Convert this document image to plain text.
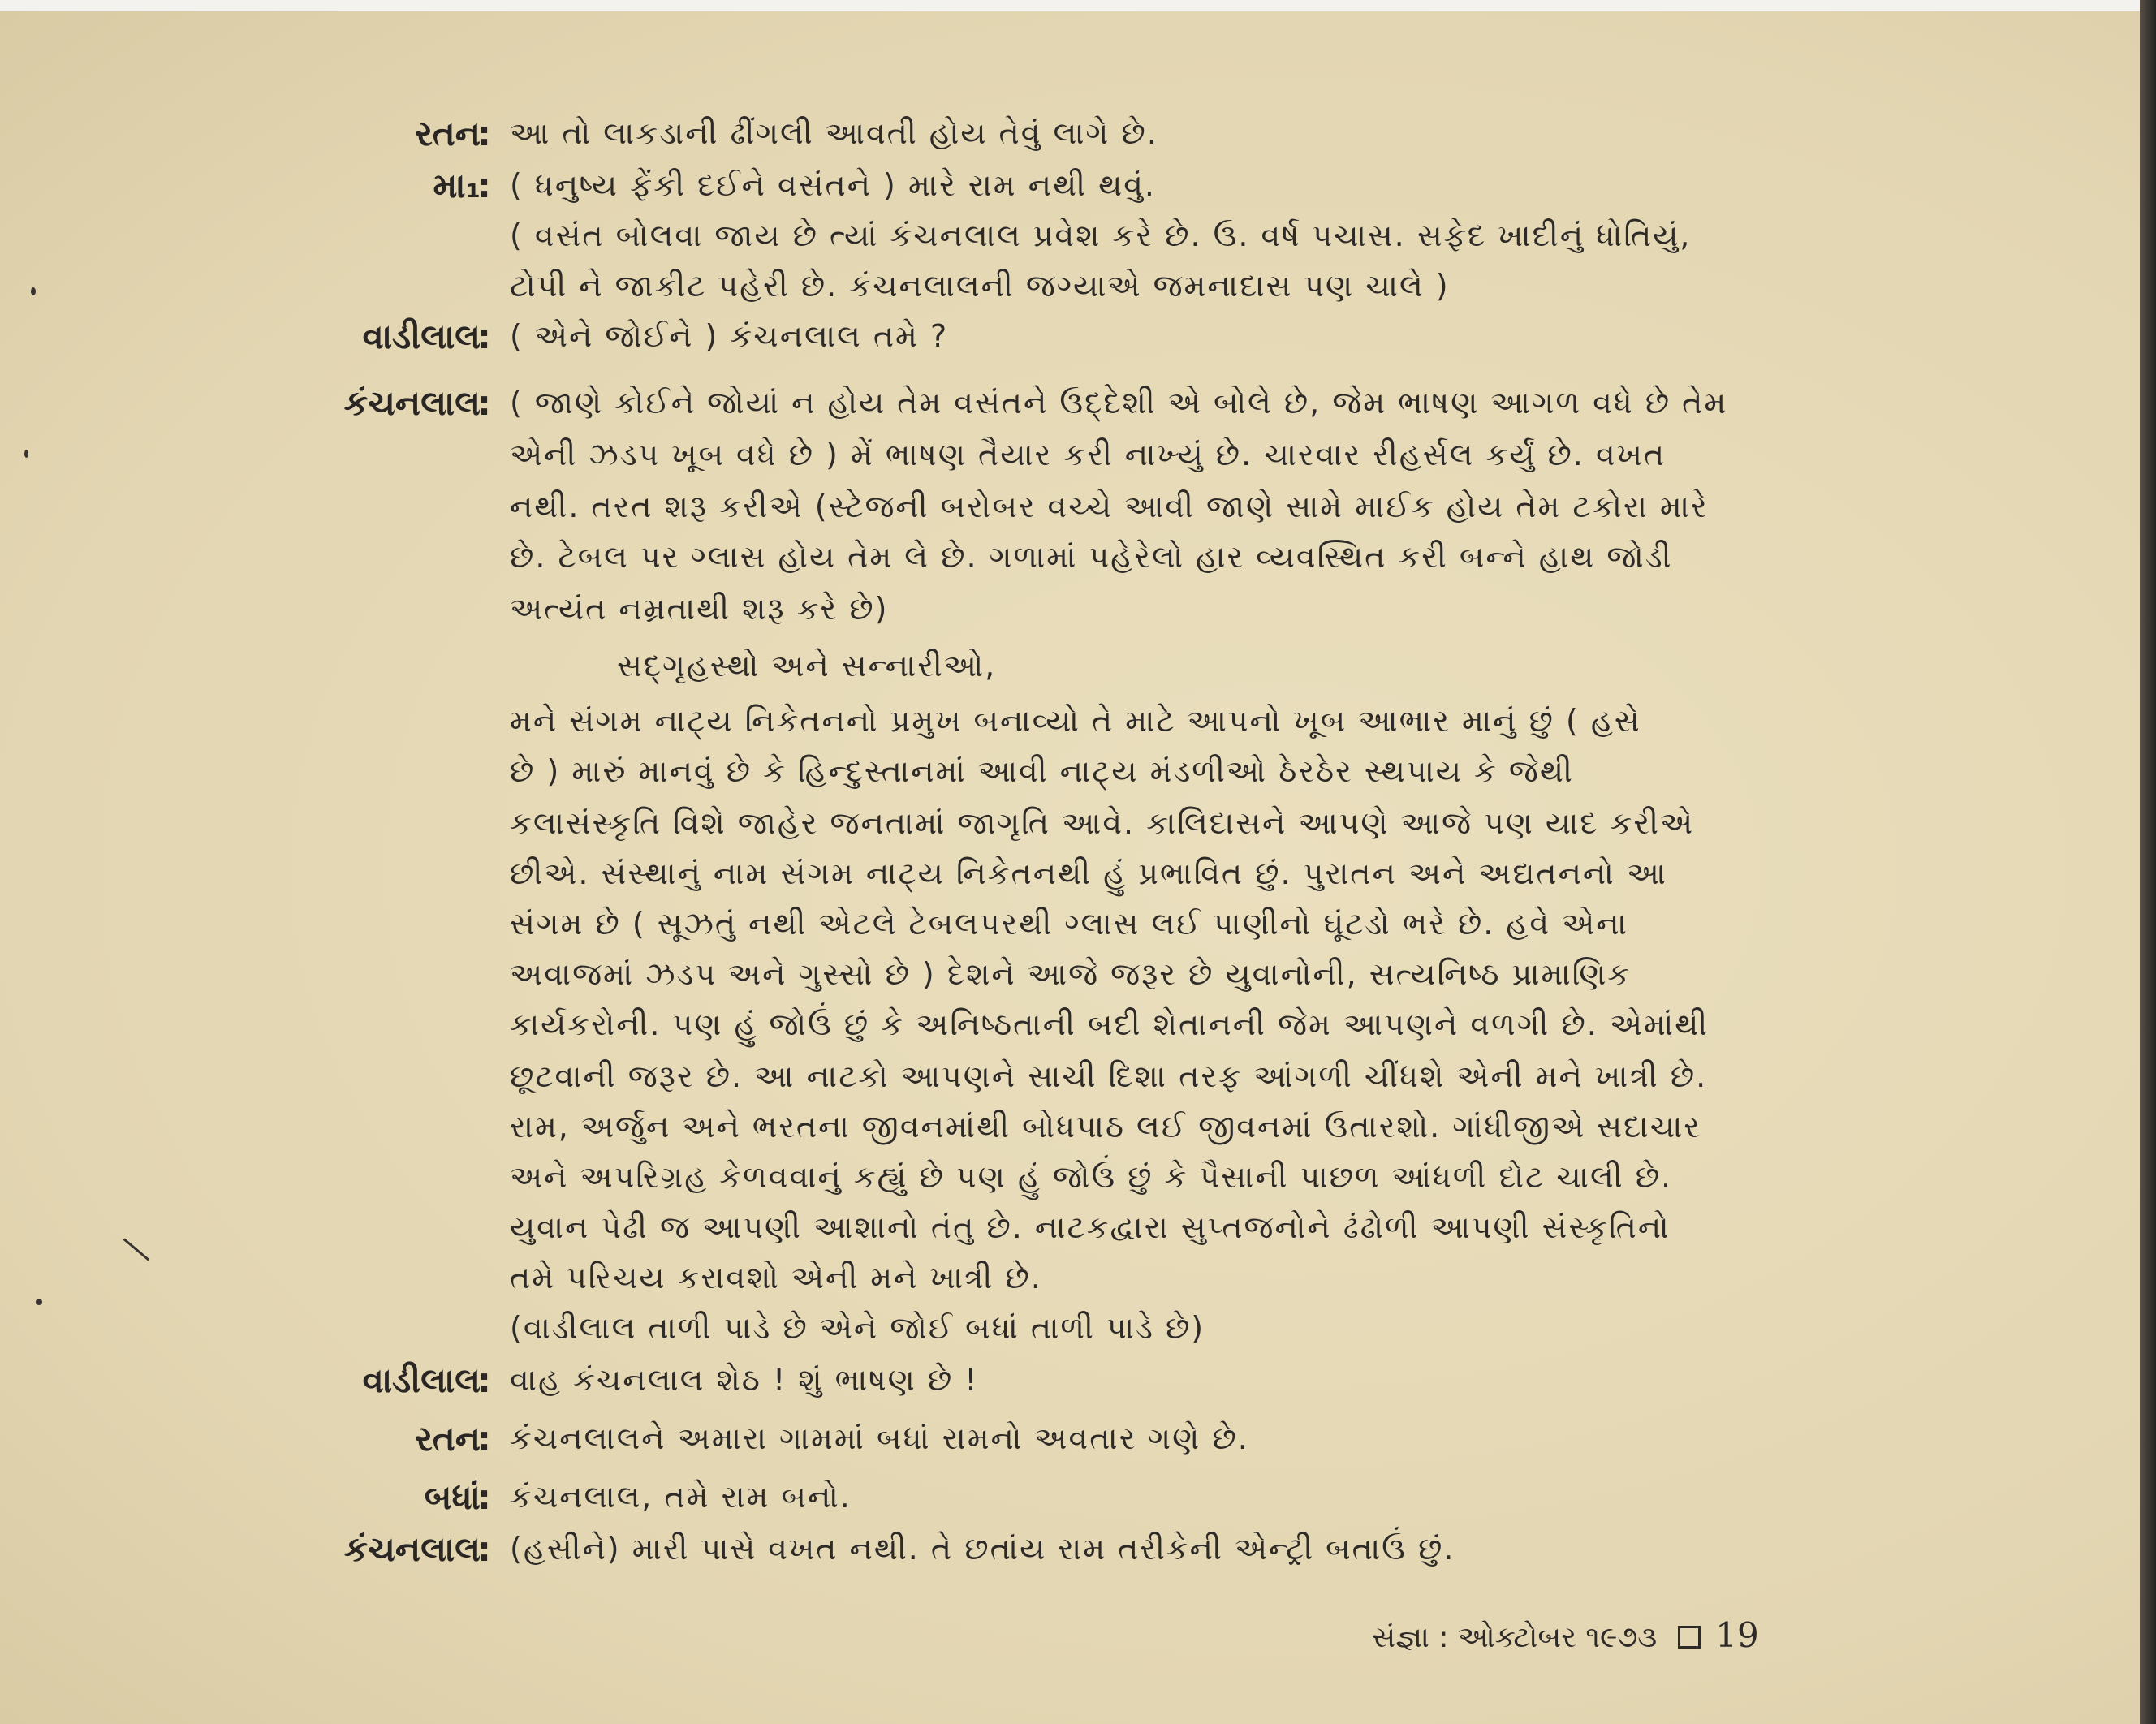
રતન
:
મા₁
:
વાડીલાલ
:
કંચનલાલ
:
વાડીલાલ
:
રતન
:
બધાં
:
કંચનલાલ
:
આ તો લાકડાની ઢીંગલી આવતી હોય તેવું લાગે છે.
( ધનુષ્ય ફેંકી દઈને વસંતને ) મારે રામ નથી થવું.
( વસંત બોલવા જાય છે ત્યાં કંચનલાલ પ્રવેશ કરે છે. ઉ. વર્ષ પચાસ. સફેદ ખાદીનું ધોતિયું,
ટોપી ને જાકીટ પહેરી છે. કંચનલાલની જગ્યાએ જમનાદાસ પણ ચાલે )
( એને જોઈને ) કંચનલાલ તમે ?
( જાણે કોઈને જોયાં ન હોય તેમ વસંતને ઉદ્દેશી એ બોલે છે, જેમ ભાષણ આગળ વધે છે તેમ
એની ઝડપ ખૂબ વધે છે ) મેં ભાષણ તૈયાર કરી નાખ્યું છે. ચારવાર રીહર્સલ કર્યું છે. વખત
નથી. તરત શરૂ કરીએ (સ્ટેજની બરોબર વચ્ચે આવી જાણે સામે માઈક હોય તેમ ટકોરા મારે
છે. ટેબલ પર ગ્લાસ હોય તેમ લે છે. ગળામાં પહેરેલો હાર વ્યવસ્થિત કરી બન્ને હાથ જોડી
અત્યંત નમ્રતાથી શરૂ કરે છે)
સદ્‌ગૃહસ્થો અને સન્નારીઓ,
મને સંગમ નાટ્ય નિકેતનનો પ્રમુખ બનાવ્યો તે માટે આપનો ખૂબ આભાર માનું છું ( હસે
છે ) મારું માનવું છે કે હિન્દુસ્તાનમાં આવી નાટ્ય મંડળીઓ ઠેરઠેર સ્થપાય કે જેથી
કલાસંસ્કૃતિ વિશે જાહેર જનતામાં જાગૃતિ આવે. કાલિદાસને આપણે આજે પણ યાદ કરીએ
છીએ. સંસ્થાનું નામ સંગમ નાટ્ય નિકેતનથી હું પ્રભાવિત છું. પુરાતન અને અદ્યતનનો આ
સંગમ છે ( સૂઝતું નથી એટલે ટેબલપરથી ગ્લાસ લઈ પાણીનો ઘૂંટડો ભરે છે. હવે એના
અવાજમાં ઝડપ અને ગુસ્સો છે ) દેશને આજે જરૂર છે યુવાનોની, સત્યનિષ્ઠ પ્રામાણિક
કાર્યકરોની. પણ હું જોઉં છું કે અનિષ્ઠતાની બદી શેતાનની જેમ આપણને વળગી છે. એમાંથી
છૂટવાની જરૂર છે. આ નાટકો આપણને સાચી દિશા તરફ આંગળી ચીંધશે એની મને ખાત્રી છે.
રામ, અર્જુન અને ભરતના જીવનમાંથી બોધપાઠ લઈ જીવનમાં ઉતારશો. ગાંધીજીએ સદાચાર
અને અપરિગ્રહ કેળવવાનું કહ્યું છે પણ હું જોઉં છું કે પૈસાની પાછળ આંધળી દોટ ચાલી છે.
યુવાન પેઢી જ આપણી આશાનો તંતુ છે. નાટકદ્વારા સુપ્તજનોને ઢંઢોળી આપણી સંસ્કૃતિનો
તમે પરિચય કરાવશો એની મને ખાત્રી છે.
(વાડીલાલ તાળી પાડે છે એને જોઈ બધાં તાળી પાડે છે)
વાહ કંચનલાલ શેઠ ! શું ભાષણ છે !
કંચનલાલને અમારા ગામમાં બધાં રામનો અવતાર ગણે છે.
કંચનલાલ, તમે રામ બનો.
(હસીને) મારી પાસે વખત નથી. તે છતાંય રામ તરીકેની એન્ટ્રી બતાઉં છું.
સંજ્ઞા : ઓક્ટોબર ૧૯૭૩ 19
